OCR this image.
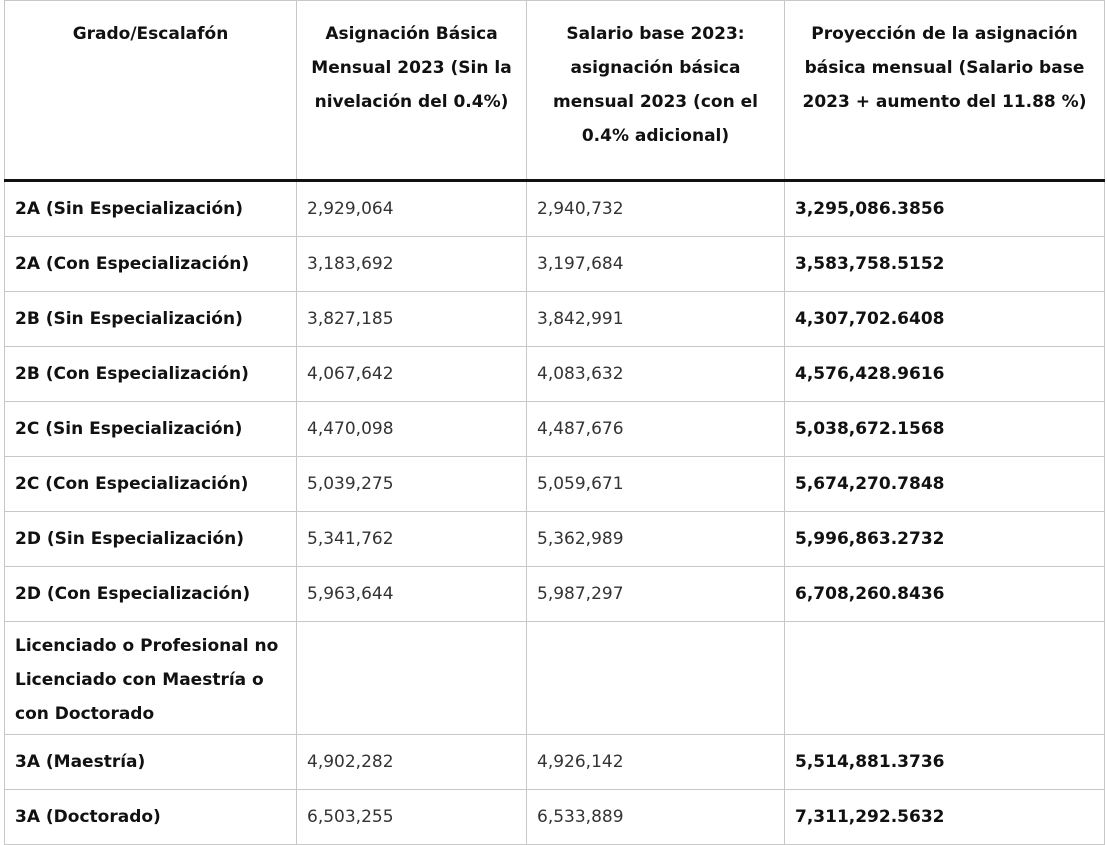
Grado/Escalafón	Asignación Básica Mensual 2023 (Sin la nivelación del 0.4%)	Salario base 2023: asignación básica mensual 2023 (con el 0.4% adicional)	Proyección de la asignación básica mensual (Salario base 2023 + aumento del 11.88 %)
2A (Sin Especialización)	2,929,064	2,940,732	3,295,086.3856
2A (Con Especialización)	3,183,692	3,197,684	3,583,758.5152
2B (Sin Especialización)	3,827,185	3,842,991	4,307,702.6408
2B (Con Especialización)	4,067,642	4,083,632	4,576,428.9616
2C (Sin Especialización)	4,470,098	4,487,676	5,038,672.1568
2C (Con Especialización)	5,039,275	5,059,671	5,674,270.7848
2D (Sin Especialización)	5,341,762	5,362,989	5,996,863.2732
2D (Con Especialización)	5,963,644	5,987,297	6,708,260.8436
Licenciado o Profesional no Licenciado con Maestría o con Doctorado			
3A (Maestría)	4,902,282	4,926,142	5,514,881.3736
3A (Doctorado)	6,503,255	6,533,889	7,311,292.5632
